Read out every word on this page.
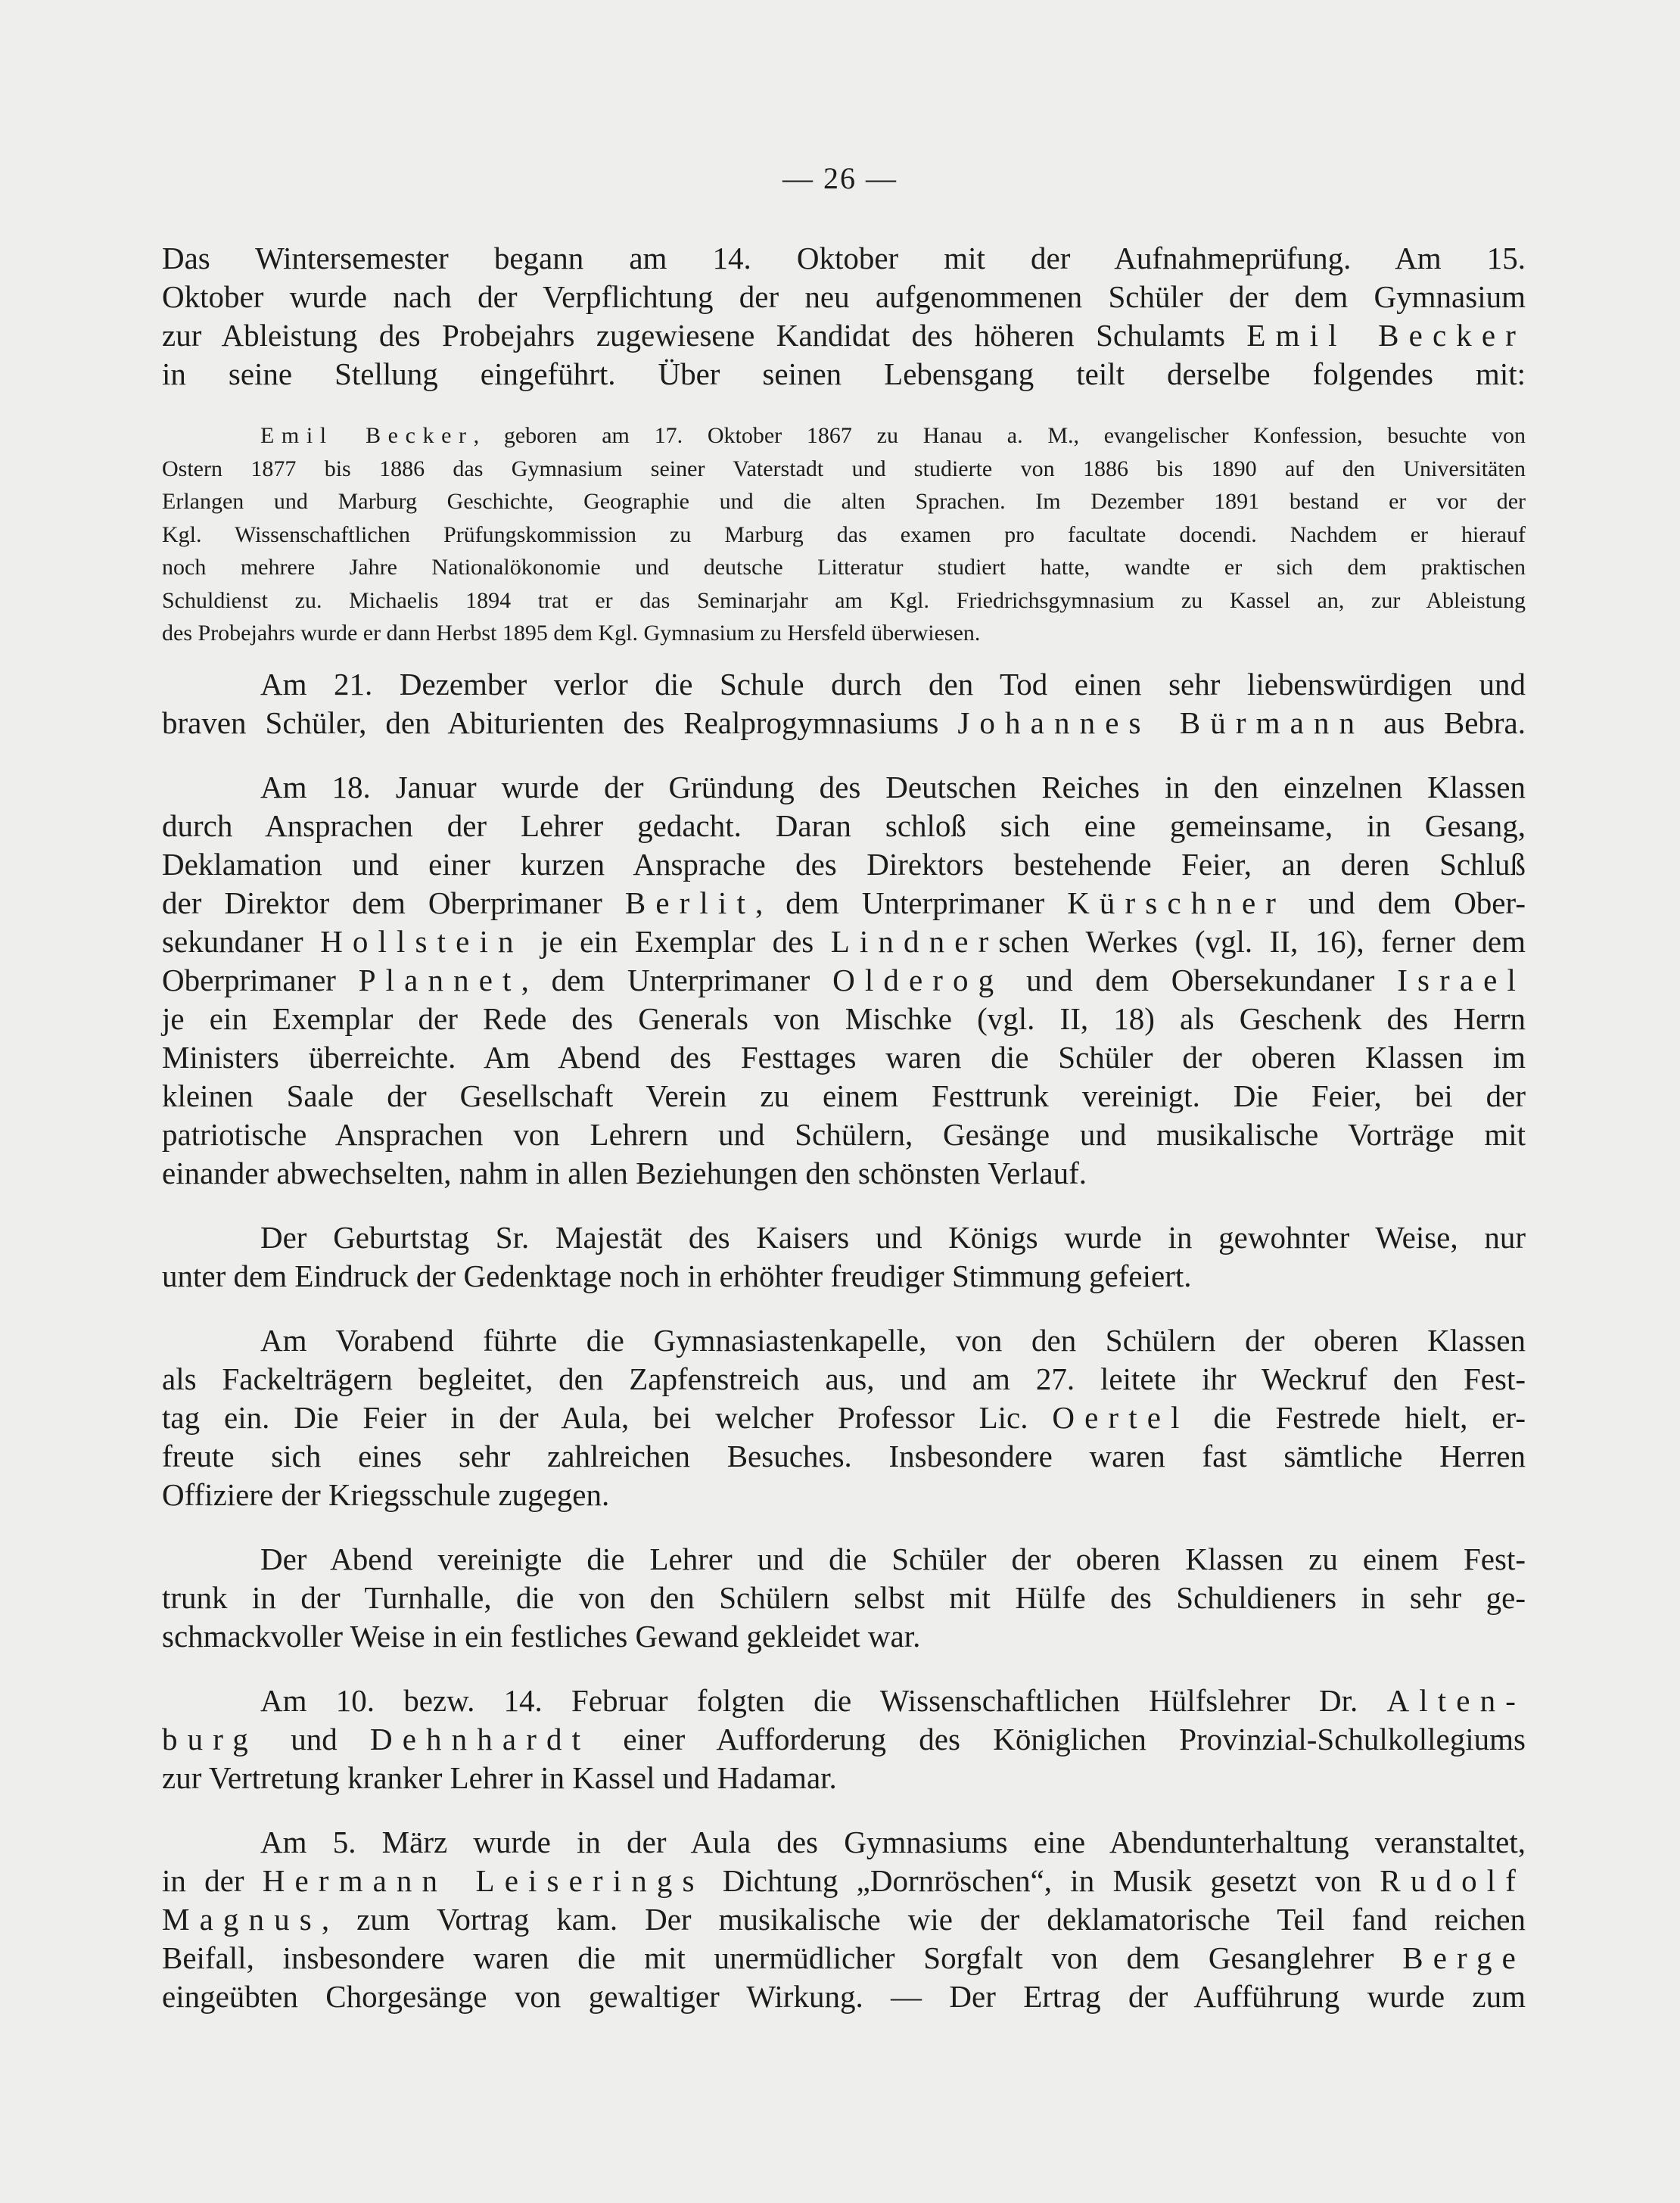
— 26 —
Das Wintersemester begann am 14. Oktober mit der Aufnahmeprüfung. Am 15.
Oktober wurde nach der Verpflichtung der neu aufgenommenen Schüler der dem Gymnasium
zur Ableistung des Probejahrs zugewiesene Kandidat des höheren Schulamts Emil Becker
in seine Stellung eingeführt. Über seinen Lebensgang teilt derselbe folgendes mit:
Emil Becker, geboren am 17. Oktober 1867 zu Hanau a. M., evangelischer Konfession, besuchte von
Ostern 1877 bis 1886 das Gymnasium seiner Vaterstadt und studierte von 1886 bis 1890 auf den Universitäten
Erlangen und Marburg Geschichte, Geographie und die alten Sprachen. Im Dezember 1891 bestand er vor der
Kgl. Wissenschaftlichen Prüfungskommission zu Marburg das examen pro facultate docendi. Nachdem er hierauf
noch mehrere Jahre Nationalökonomie und deutsche Litteratur studiert hatte, wandte er sich dem praktischen
Schuldienst zu. Michaelis 1894 trat er das Seminarjahr am Kgl. Friedrichsgymnasium zu Kassel an, zur Ableistung
des Probejahrs wurde er dann Herbst 1895 dem Kgl. Gymnasium zu Hersfeld überwiesen.
Am 21. Dezember verlor die Schule durch den Tod einen sehr liebenswürdigen und
braven Schüler, den Abiturienten des Realprogymnasiums Johannes Bürmann aus Bebra.
Am 18. Januar wurde der Gründung des Deutschen Reiches in den einzelnen Klassen
durch Ansprachen der Lehrer gedacht. Daran schloß sich eine gemeinsame, in Gesang,
Deklamation und einer kurzen Ansprache des Direktors bestehende Feier, an deren Schluß
der Direktor dem Oberprimaner Berlit, dem Unterprimaner Kürschner und dem Ober-
sekundaner Hollstein je ein Exemplar des Lindnerschen Werkes (vgl. II, 16), ferner dem
Oberprimaner Plannet, dem Unterprimaner Olderog und dem Obersekundaner Israel
je ein Exemplar der Rede des Generals von Mischke (vgl. II, 18) als Geschenk des Herrn
Ministers überreichte. Am Abend des Festtages waren die Schüler der oberen Klassen im
kleinen Saale der Gesellschaft Verein zu einem Festtrunk vereinigt. Die Feier, bei der
patriotische Ansprachen von Lehrern und Schülern, Gesänge und musikalische Vorträge mit
einander abwechselten, nahm in allen Beziehungen den schönsten Verlauf.
Der Geburtstag Sr. Majestät des Kaisers und Königs wurde in gewohnter Weise, nur
unter dem Eindruck der Gedenktage noch in erhöhter freudiger Stimmung gefeiert.
Am Vorabend führte die Gymnasiastenkapelle, von den Schülern der oberen Klassen
als Fackelträgern begleitet, den Zapfenstreich aus, und am 27. leitete ihr Weckruf den Fest-
tag ein. Die Feier in der Aula, bei welcher Professor Lic. Oertel die Festrede hielt, er-
freute sich eines sehr zahlreichen Besuches. Insbesondere waren fast sämtliche Herren
Offiziere der Kriegsschule zugegen.
Der Abend vereinigte die Lehrer und die Schüler der oberen Klassen zu einem Fest-
trunk in der Turnhalle, die von den Schülern selbst mit Hülfe des Schuldieners in sehr ge-
schmackvoller Weise in ein festliches Gewand gekleidet war.
Am 10. bezw. 14. Februar folgten die Wissenschaftlichen Hülfslehrer Dr. Alten-
burg und Dehnhardt einer Aufforderung des Königlichen Provinzial-Schulkollegiums
zur Vertretung kranker Lehrer in Kassel und Hadamar.
Am 5. März wurde in der Aula des Gymnasiums eine Abendunterhaltung veranstaltet,
in der Hermann Leiserings Dichtung „Dornröschen“, in Musik gesetzt von Rudolf
Magnus, zum Vortrag kam. Der musikalische wie der deklamatorische Teil fand reichen
Beifall, insbesondere waren die mit unermüdlicher Sorgfalt von dem Gesanglehrer Berge
eingeübten Chorgesänge von gewaltiger Wirkung. — Der Ertrag der Aufführung wurde zum
